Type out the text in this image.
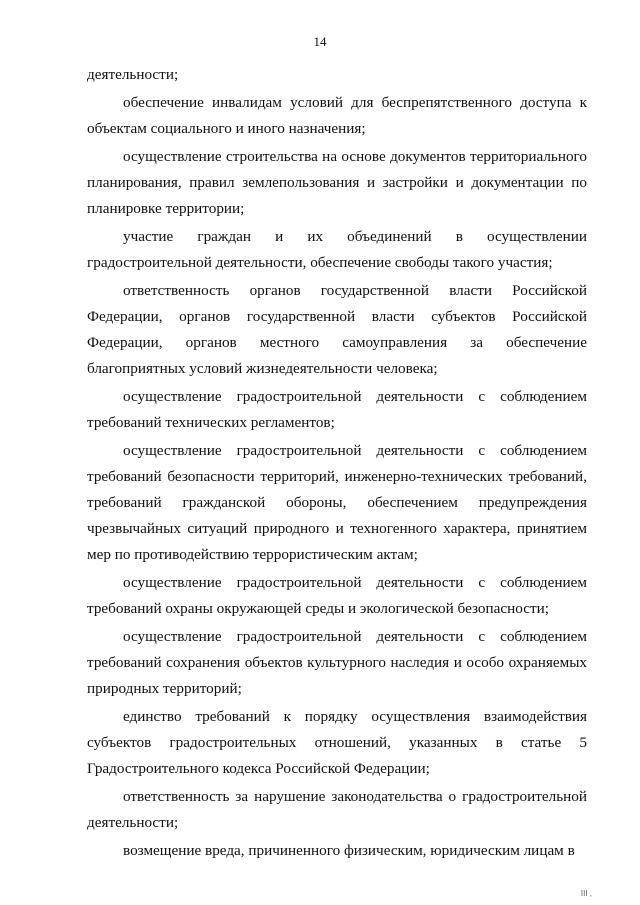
14

деятельности;

обеспечение инвалидам условий для беспрепятственного доступа к объектам социального и иного назначения;

осуществление строительства на основе документов территориального планирования, правил землепользования и застройки и документации по планировке территории;

участие граждан и их объединений в осуществлении градостроительной деятельности, обеспечение свободы такого участия;

ответственность органов государственной власти Российской Федерации, органов государственной власти субъектов Российской Федерации, органов местного самоуправления за обеспечение благоприятных условий жизнедеятельности человека;

осуществление градостроительной деятельности с соблюдением требований технических регламентов;

осуществление градостроительной деятельности с соблюдением требований безопасности территорий, инженерно-технических требований, требований гражданской обороны, обеспечением предупреждения чрезвычайных ситуаций природного и техногенного характера, принятием мер по противодействию террористическим актам;

осуществление градостроительной деятельности с соблюдением требований охраны окружающей среды и экологической безопасности;

осуществление градостроительной деятельности с соблюдением требований сохранения объектов культурного наследия и особо охраняемых природных территорий;

единство требований к порядку осуществления взаимодействия субъектов градостроительных отношений, указанных в статье 5 Градостроительного кодекса Российской Федерации;

ответственность за нарушение законодательства о градостроительной деятельности;

возмещение вреда, причиненного физическим, юридическим лицам в

III ,
